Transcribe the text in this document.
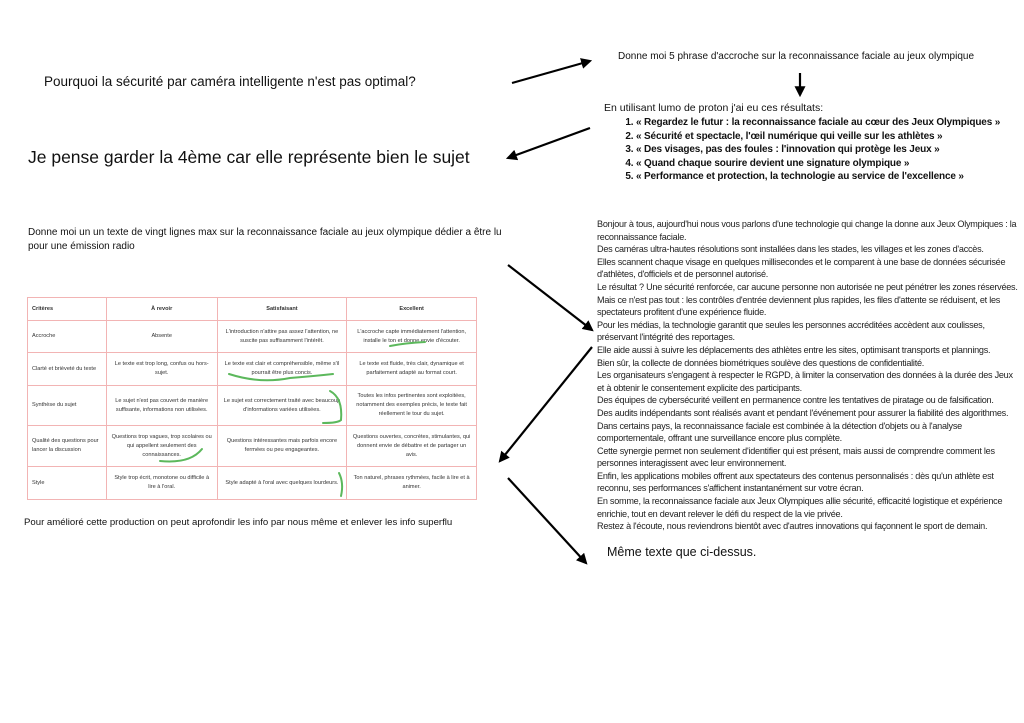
Pourquoi la sécurité par caméra intelligente n'est pas optimal?
Donne moi 5 phrase d'accroche sur la reconnaissance faciale au jeux olympique
En utilisant lumo de proton j'ai eu ces résultats:
1. « Regardez le futur : la reconnaissance faciale au cœur des Jeux Olympiques »
2. « Sécurité et spectacle, l'œil numérique qui veille sur les athlètes »
3. « Des visages, pas des foules : l'innovation qui protège les Jeux »
4. « Quand chaque sourire devient une signature olympique »
5. « Performance et protection, la technologie au service de l'excellence »
Je pense garder la 4ème car elle représente bien le sujet
Donne moi un un texte de vingt lignes max sur la reconnaissance faciale au jeux olympique dédier a être lu pour une émission radio
Bonjour à tous, aujourd'hui nous vous parlons d'une technologie qui change la donne aux Jeux Olympiques : la reconnaissance faciale.
Des caméras ultra-hautes résolutions sont installées dans les stades, les villages et les zones d'accès.
Elles scannent chaque visage en quelques millisecondes et le comparent à une base de données sécurisée d'athlètes, d'officiels et de personnel autorisé.
Le résultat ? Une sécurité renforcée, car aucune personne non autorisée ne peut pénétrer les zones réservées.
Mais ce n'est pas tout : les contrôles d'entrée deviennent plus rapides, les files d'attente se réduisent, et les spectateurs profitent d'une expérience fluide.
Pour les médias, la technologie garantit que seules les personnes accréditées accèdent aux coulisses, préservant l'intégrité des reportages.
Elle aide aussi à suivre les déplacements des athlètes entre les sites, optimisant transports et plannings.
Bien sûr, la collecte de données biométriques soulève des questions de confidentialité.
Les organisateurs s'engagent à respecter le RGPD, à limiter la conservation des données à la durée des Jeux et à obtenir le consentement explicite des participants.
Des équipes de cybersécurité veillent en permanence contre les tentatives de piratage ou de falsification.
Des audits indépendants sont réalisés avant et pendant l'événement pour assurer la fiabilité des algorithmes.
Dans certains pays, la reconnaissance faciale est combinée à la détection d'objets ou à l'analyse comportementale, offrant une surveillance encore plus complète.
Cette synergie permet non seulement d'identifier qui est présent, mais aussi de comprendre comment les personnes interagissent avec leur environnement.
Enfin, les applications mobiles offrent aux spectateurs des contenus personnalisés : dès qu'un athlète est reconnu, ses performances s'affichent instantanément sur votre écran.
En somme, la reconnaissance faciale aux Jeux Olympiques allie sécurité, efficacité logistique et expérience enrichie, tout en devant relever le défi du respect de la vie privée.
Restez à l'écoute, nous reviendrons bientôt avec d'autres innovations qui façonnent le sport de demain.
Même texte que ci-dessus.
Critères	À revoir	Satisfaisant	Excellent
Accroche	Absente	L'introduction n'attire pas assez l'attention, ne suscite pas suffisamment l'intérêt.	L'accroche capte immédiatement l'attention, installe le ton et donne envie d'écouter.
Clarté et brièveté du texte	Le texte est trop long, confus ou hors-sujet.	Le texte est clair et compréhensible, même s'il pourrait être plus concis.	Le texte est fluide, très clair, dynamique et parfaitement adapté au format court.
Synthèse du sujet	Le sujet n'est pas couvert de manière suffisante, informations non utilisées.	Le sujet est correctement traité avec beaucoup d'informations variées utilisées.	Toutes les infos pertinentes sont exploitées, notamment des exemples précis, le texte fait réellement le tour du sujet.
Qualité des questions pour lancer la discussion	Questions trop vagues, trop scolaires ou qui appellent seulement des connaissances.	Questions intéressantes mais parfois encore fermées ou peu engageantes.	Questions ouvertes, concrètes, stimulantes, qui donnent envie de débattre et de partager un avis.
Style	Style trop écrit, monotone ou difficile à lire à l'oral.	Style adapté à l'oral avec quelques lourdeurs.	Ton naturel, phrases rythmées, facile à lire et à animer.
Pour amélioré cette production on peut aprofondir les info par nous même et enlever les info superflu
